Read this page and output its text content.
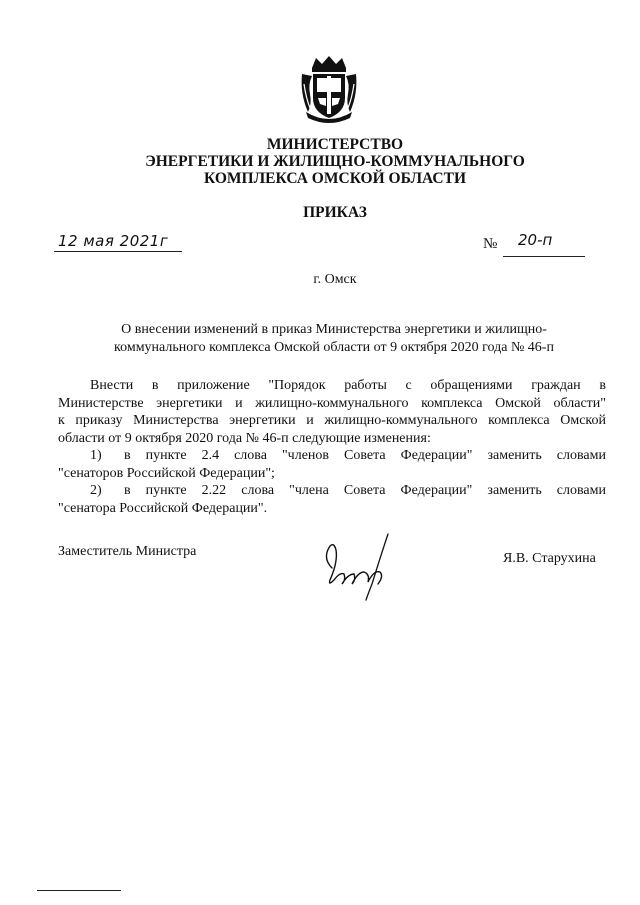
МИНИСТЕРСТВО
ЭНЕРГЕТИКИ И ЖИЛИЩНО-КОММУНАЛЬНОГО
КОМПЛЕКСА ОМСКОЙ ОБЛАСТИ
ПРИКАЗ
12 мая 2021г	№ 20-п
г. Омск
О внесении изменений в приказ Министерства энергетики и жилищно-
коммунального комплекса Омской области от 9 октября 2020 года № 46-п
Внести в приложение "Порядок работы с обращениями граждан в
Министерстве энергетики и жилищно-коммунального комплекса Омской области"
к приказу Министерства энергетики и жилищно-коммунального комплекса Омской
области от 9 октября 2020 года № 46-п следующие изменения:
1)	в пункте 2.4 слова "членов Совета Федерации" заменить словами
"сенаторов Российской Федерации";
2)	в пункте 2.22 слова "члена Совета Федерации" заменить словами
"сенатора Российской Федерации".
Заместитель Министра	Я.В. Старухина
